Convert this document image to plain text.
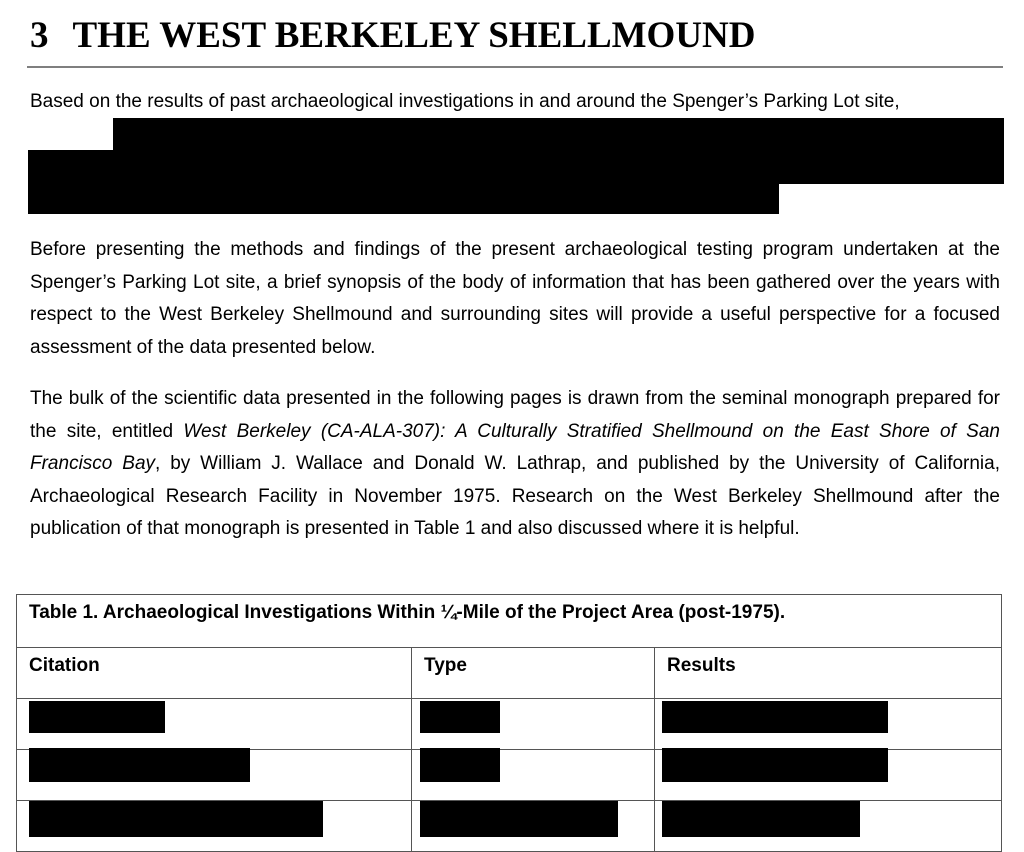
3 THE WEST BERKELEY SHELLMOUND

Based on the results of past archaeological investigations in and around the Spenger’s Parking Lot site,

Before presenting the methods and findings of the present archaeological testing program undertaken at the Spenger’s Parking Lot site, a brief synopsis of the body of information that has been gathered over the years with respect to the West Berkeley Shellmound and surrounding sites will provide a useful perspective for a focused assessment of the data presented below.

The bulk of the scientific data presented in the following pages is drawn from the seminal monograph prepared for the site, entitled West Berkeley (CA-ALA-307): A Culturally Stratified Shellmound on the East Shore of San Francisco Bay, by William J. Wallace and Donald W. Lathrap, and published by the University of California, Archaeological Research Facility in November 1975. Research on the West Berkeley Shellmound after the publication of that monograph is presented in Table 1 and also discussed where it is helpful.

Table 1. Archaeological Investigations Within ¼-Mile of the Project Area (post-1975).		
Citation	Type	Results
